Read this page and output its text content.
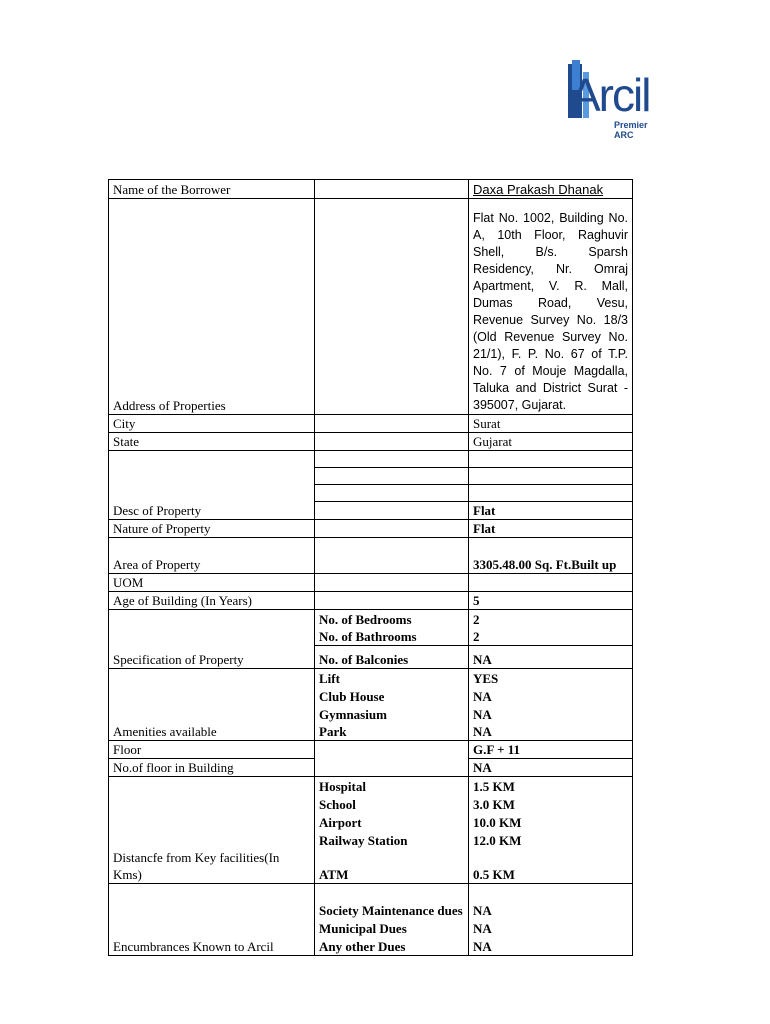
Arcil
Premier ARC
Name of the Borrower		Daxa Prakash Dhanak
Address of Properties		Flat No. 1002, Building No. A, 10th Floor, Raghuvir Shell, B/s. Sparsh Residency, Nr. Omraj Apartment, V. R. Mall, Dumas Road, Vesu, Revenue Survey No. 18/3 (Old Revenue Survey No. 21/1), F. P. No. 67 of T.P. No. 7 of Mouje Magdalla, Taluka and District Surat - 395007, Gujarat.
City		Surat
State		Gujarat

Desc of Property		Flat
Nature of Property		Flat
Area of Property		3305.48.00 Sq. Ft.Built up
UOM		
Age of Building (In Years)		5
	No. of Bedrooms	2
	No. of Bathrooms	2
Specification of Property	No. of Balconies	NA
	Lift	YES
	Club House	NA
	Gymnasium	NA
Amenities available	Park	NA
Floor		G.F + 11
No.of floor in Building		NA
	Hospital	1.5 KM
	School	3.0 KM
	Airport	10.0 KM
	Railway Station	12.0 KM
Distancfe from Key facilities(In Kms)	ATM	0.5 KM
	Society Maintenance dues	NA
	Municipal Dues	NA
Encumbrances Known to Arcil	Any other Dues	NA
